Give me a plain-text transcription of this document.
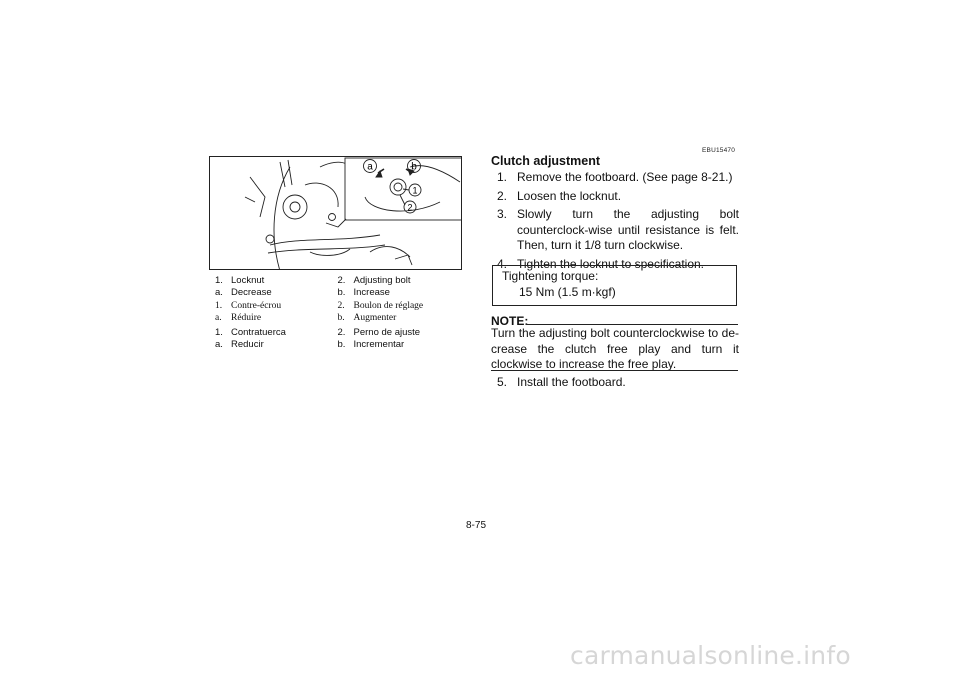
a	b
1
2
1. Locknut	2. Adjusting bolt
a. Decrease	b. Increase
1. Contre-écrou	2. Boulon de réglage
a. Réduire	b. Augmenter
1. Contratuerca	2. Perno de ajuste
a. Reducir	b. Incrementar
EBU15470
Clutch adjustment
1. Remove the footboard. (See page 8-21.)
2. Loosen the locknut.
3. Slowly turn the adjusting bolt counterclock-wise until resistance is felt. Then, turn it 1/8 turn clockwise.
4. Tighten the locknut to specification.
Tightening torque:
15 Nm (1.5 m·kgf)
NOTE:
Turn the adjusting bolt counterclockwise to de-crease the clutch free play and turn it clockwise to increase the free play.
5. Install the footboard.
8-75
carmanualsonline.info
